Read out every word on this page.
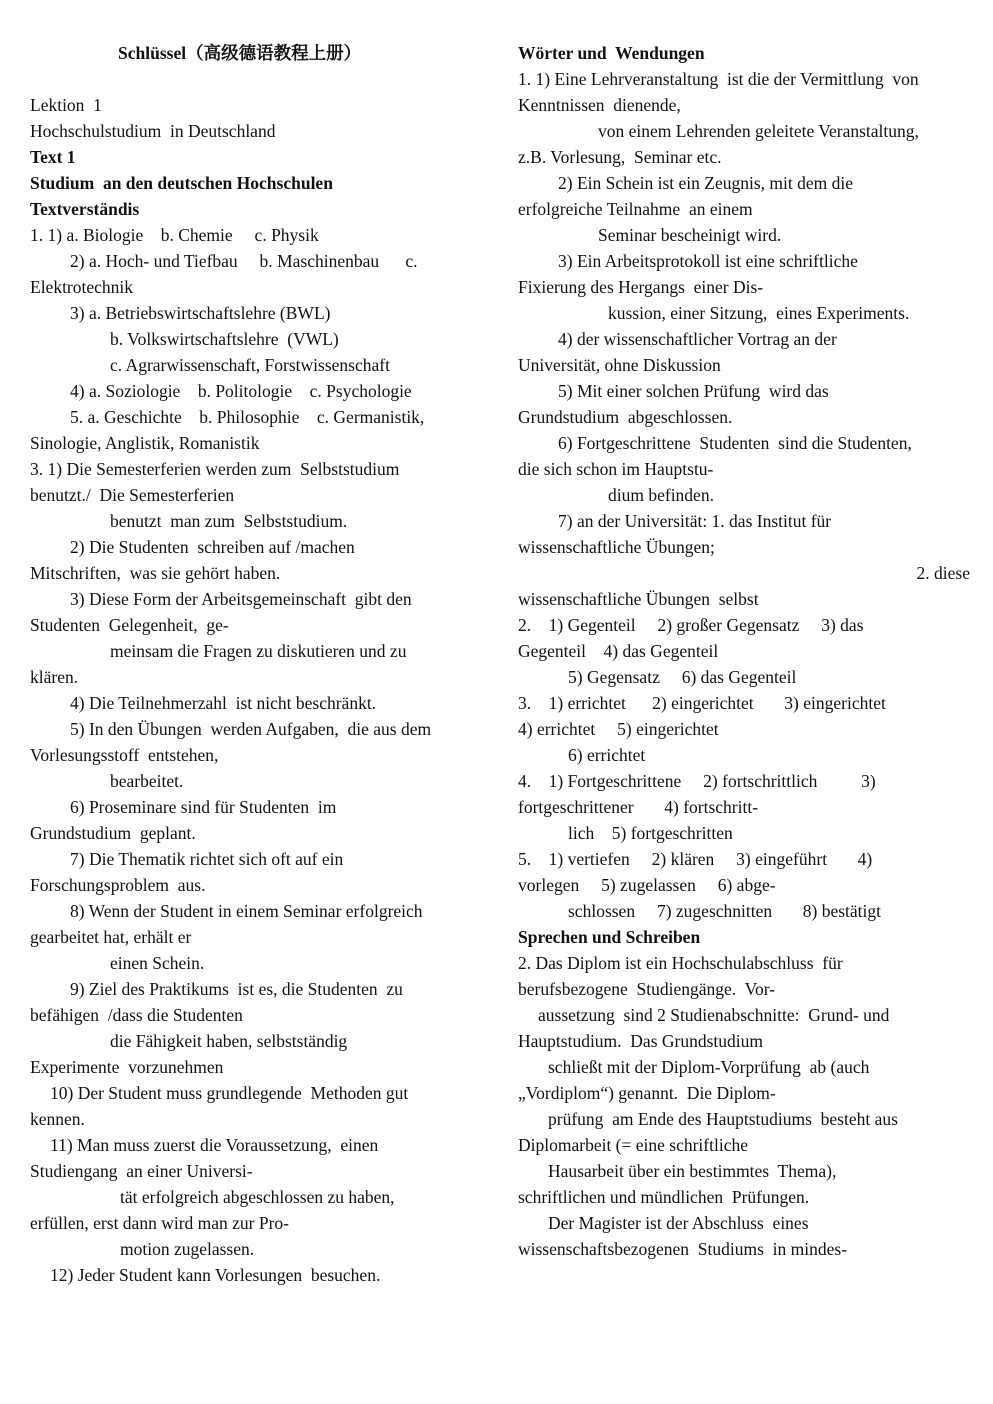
Schlüssel（高级德语教程上册）
Lektion  1
Hochschulstudium  in Deutschland
Text 1
Studium  an den deutschen Hochschulen
Textverständis
1. 1) a. Biologie    b. Chemie     c. Physik
2) a. Hoch- und Tiefbau     b. Maschinenbau      c.
Elektrotechnik
3) a. Betriebswirtschaftslehre (BWL)
b. Volkswirtschaftslehre  (VWL)
c. Agrarwissenschaft, Forstwissenschaft
4) a. Soziologie    b. Politologie    c. Psychologie
5. a. Geschichte    b. Philosophie    c. Germanistik,
Sinologie, Anglistik, Romanistik
3. 1) Die Semesterferien werden zum  Selbststudium
benutzt./  Die Semesterferien
benutzt  man zum  Selbststudium.
2) Die Studenten  schreiben auf /machen
Mitschriften,  was sie gehört haben.
3) Diese Form der Arbeitsgemeinschaft  gibt den
Studenten  Gelegenheit,  ge-
meinsam die Fragen zu diskutieren und zu
klären.
4) Die Teilnehmerzahl  ist nicht beschränkt.
5) In den Übungen  werden Aufgaben,  die aus dem
Vorlesungsstoff  entstehen,
bearbeitet.
6) Proseminare sind für Studenten  im
Grundstudium  geplant.
7) Die Thematik richtet sich oft auf ein
Forschungsproblem  aus.
8) Wenn der Student in einem Seminar erfolgreich
gearbeitet hat, erhält er
einen Schein.
9) Ziel des Praktikums  ist es, die Studenten  zu
befähigen  /dass die Studenten
die Fähigkeit haben, selbstständig
Experimente  vorzunehmen
10) Der Student muss grundlegende  Methoden gut
kennen.
11) Man muss zuerst die Voraussetzung,  einen
Studiengang  an einer Universi-
tät erfolgreich abgeschlossen zu haben,
erfüllen, erst dann wird man zur Pro-
motion zugelassen.
12) Jeder Student kann Vorlesungen  besuchen.
Wörter und  Wendungen
1. 1) Eine Lehrveranstaltung  ist die der Vermittlung  von
Kenntnissen  dienende,
von einem Lehrenden geleitete Veranstaltung,
z.B. Vorlesung,  Seminar etc.
2) Ein Schein ist ein Zeugnis, mit dem die
erfolgreiche Teilnahme  an einem
Seminar bescheinigt wird.
3) Ein Arbeitsprotokoll ist eine schriftliche
Fixierung des Hergangs  einer Dis-
kussion, einer Sitzung,  eines Experiments.
4) der wissenschaftlicher Vortrag an der
Universität, ohne Diskussion
5) Mit einer solchen Prüfung  wird das
Grundstudium  abgeschlossen.
6) Fortgeschrittene  Studenten  sind die Studenten,
die sich schon im Hauptstu-
dium befinden.
7) an der Universität: 1. das Institut für
wissenschaftliche Übungen;
2. diese
wissenschaftliche Übungen  selbst
2.    1) Gegenteil     2) großer Gegensatz     3) das
Gegenteil    4) das Gegenteil
5) Gegensatz     6) das Gegenteil
3.    1) errichtet      2) eingerichtet       3) eingerichtet
4) errichtet     5) eingerichtet
6) errichtet
4.    1) Fortgeschrittene     2) fortschrittlich          3)
fortgeschrittener       4) fortschritt-
lich    5) fortgeschritten
5.    1) vertiefen     2) klären     3) eingeführt       4)
vorlegen     5) zugelassen     6) abge-
schlossen     7) zugeschnitten       8) bestätigt
Sprechen und Schreiben
2. Das Diplom ist ein Hochschulabschluss  für
berufsbezogene  Studiengänge.  Vor-
aussetzung  sind 2 Studienabschnitte:  Grund- und
Hauptstudium.  Das Grundstudium
schließt mit der Diplom-Vorprüfung  ab (auch
„Vordiplom“) genannt.  Die Diplom-
prüfung  am Ende des Hauptstudiums  besteht aus
Diplomarbeit (= eine schriftliche
Hausarbeit über ein bestimmtes  Thema),
schriftlichen und mündlichen  Prüfungen.
Der Magister ist der Abschluss  eines
wissenschaftsbezogenen  Studiums  in mindes-
